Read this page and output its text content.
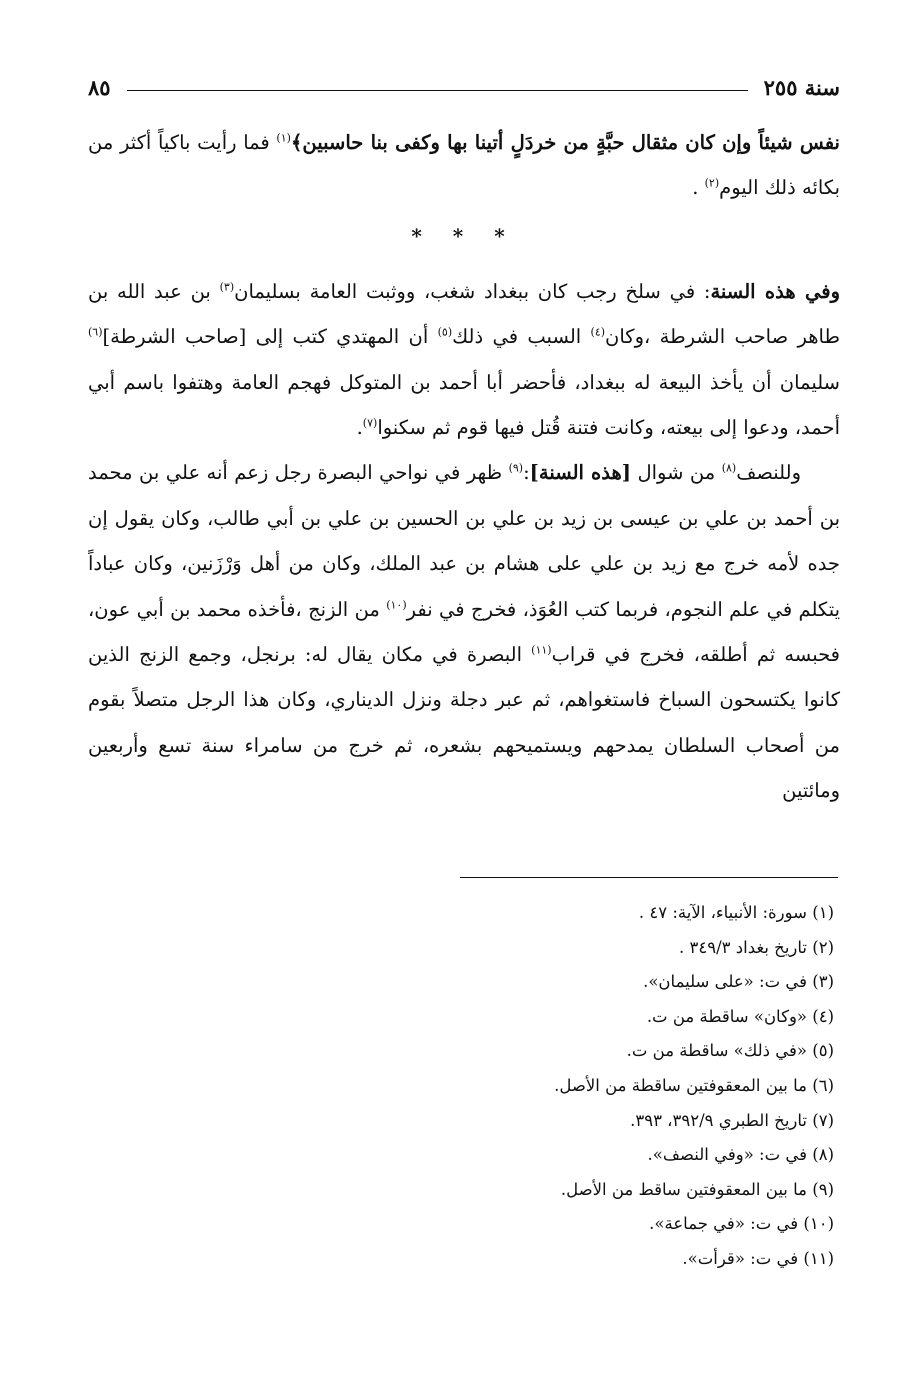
سنة ٢٥٥
٨٥

نفس شيئاً وإن كان مثقال حبَّةٍ من خردَلٍ أتينا بها وكفى بنا حاسبين﴾$^{(١)}$ فما رأيت باكياً أكثر من بكائه ذلك اليوم$^{(٢)}$ .

* * *

وفي هذه السنة: في سلخ رجب كان ببغداد شغب، ووثبت العامة بسليمان$^{(٣)}$ بن عبد الله بن طاهر صاحب الشرطة ،وكان$^{(٤)}$ السبب في ذلك$^{(٥)}$ أن المهتدي كتب إلى [صاحب الشرطة]$^{(٦)}$ سليمان أن يأخذ البيعة له ببغداد، فأحضر أبا أحمد بن المتوكل فهجم العامة وهتفوا باسم أبي أحمد، ودعوا إلى بيعته، وكانت فتنة قُتل فيها قوم ثم سكنوا$^{(٧)}$.

وللنصف$^{(٨)}$ من شوال [هذه السنة]:$^{(٩)}$ ظهر في نواحي البصرة رجل زعم أنه علي بن محمد بن أحمد بن علي بن عيسى بن زيد بن علي بن الحسين بن علي بن أبي طالب، وكان يقول إن جده لأمه خرج مع زيد بن علي على هشام بن عبد الملك، وكان من أهل وَرْزَنين، وكان عباداً يتكلم في علم النجوم، فربما كتب العُوَذ، فخرج في نفر$^{(١٠)}$ من الزنج ،فأخذه محمد بن أبي عون، فحبسه ثم أطلقه، فخرج في قراب$^{(١١)}$ البصرة في مكان يقال له: برنجل، وجمع الزنج الذين كانوا يكتسحون السباخ فاستغواهم، ثم عبر دجلة ونزل الديناري، وكان هذا الرجل متصلاً بقوم من أصحاب السلطان يمدحهم ويستميحهم بشعره، ثم خرج من سامراء سنة تسع وأربعين ومائتين

(١) سورة: الأنبياء، الآية: ٤٧ .

(٢) تاريخ بغداد ٣٤٩/٣ .

(٣) في ت: «على سليمان».

(٤) «وكان» ساقطة من ت.

(٥) «في ذلك» ساقطة من ت.

(٦) ما بين المعقوفتين ساقطة من الأصل.

(٧) تاريخ الطبري ٣٩٢/٩، ٣٩٣.

(٨) في ت: «وفي النصف».

(٩) ما بين المعقوفتين ساقط من الأصل.

(١٠) في ت: «في جماعة».

(١١) في ت: «قرأت».
